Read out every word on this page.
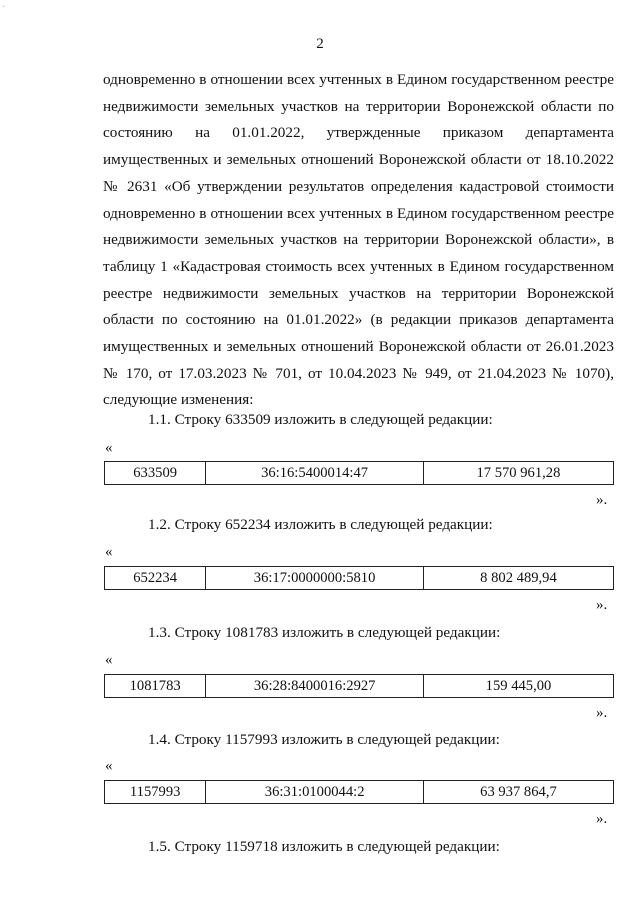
ˇ
2

одновременно в отношении всех учтенных в Едином государственном реестре недвижимости земельных участков на территории Воронежской области по состоянию на 01.01.2022, утвержденные приказом департамента имущественных и земельных отношений Воронежской области от 18.10.2022 № 2631 «Об утверждении результатов определения кадастровой стоимости одновременно в отношении всех учтенных в Едином государственном реестре недвижимости земельных участков на территории Воронежской области», в таблицу 1 «Кадастровая стоимость всех учтенных в Едином государственном реестре недвижимости земельных участков на территории Воронежской области по состоянию на 01.01.2022» (в редакции приказов департамента имущественных и земельных отношений Воронежской области от 26.01.2023 № 170, от 17.03.2023 № 701, от 10.04.2023 № 949, от 21.04.2023 № 1070), следующие изменения:

1.1. Строку 633509 изложить в следующей редакции:
«
633509	36:16:5400014:47	17 570 961,28
».
1.2. Строку 652234 изложить в следующей редакции:
«
652234	36:17:0000000:5810	8 802 489,94
».
1.3. Строку 1081783 изложить в следующей редакции:
«
1081783	36:28:8400016:2927	159 445,00
».
1.4. Строку 1157993 изложить в следующей редакции:
«
1157993	36:31:0100044:2	63 937 864,7
».
1.5. Строку 1159718 изложить в следующей редакции:
